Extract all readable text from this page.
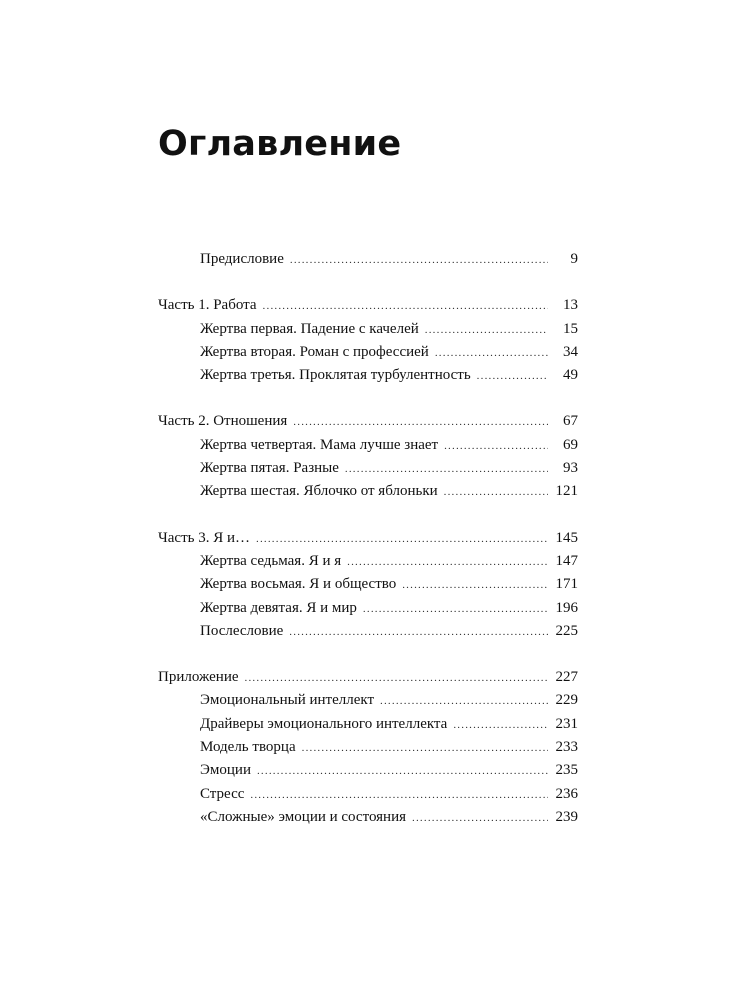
Оглавление
Предисловие .....	9
Часть 1. Работа .....	13
Жертва первая. Падение с качелей .....	15
Жертва вторая. Роман с профессией .....	34
Жертва третья. Проклятая турбулентность .....	49
Часть 2. Отношения .....	67
Жертва четвертая. Мама лучше знает .....	69
Жертва пятая. Разные .....	93
Жертва шестая. Яблочко от яблоньки .....	121
Часть 3. Я и… .....	145
Жертва седьмая. Я и я .....	147
Жертва восьмая. Я и общество .....	171
Жертва девятая. Я и мир .....	196
Послесловие .....	225
Приложение .....	227
Эмоциональный интеллект .....	229
Драйверы эмоционального интеллекта .....	231
Модель творца .....	233
Эмоции .....	235
Стресс .....	236
«Сложные» эмоции и состояния .....	239
